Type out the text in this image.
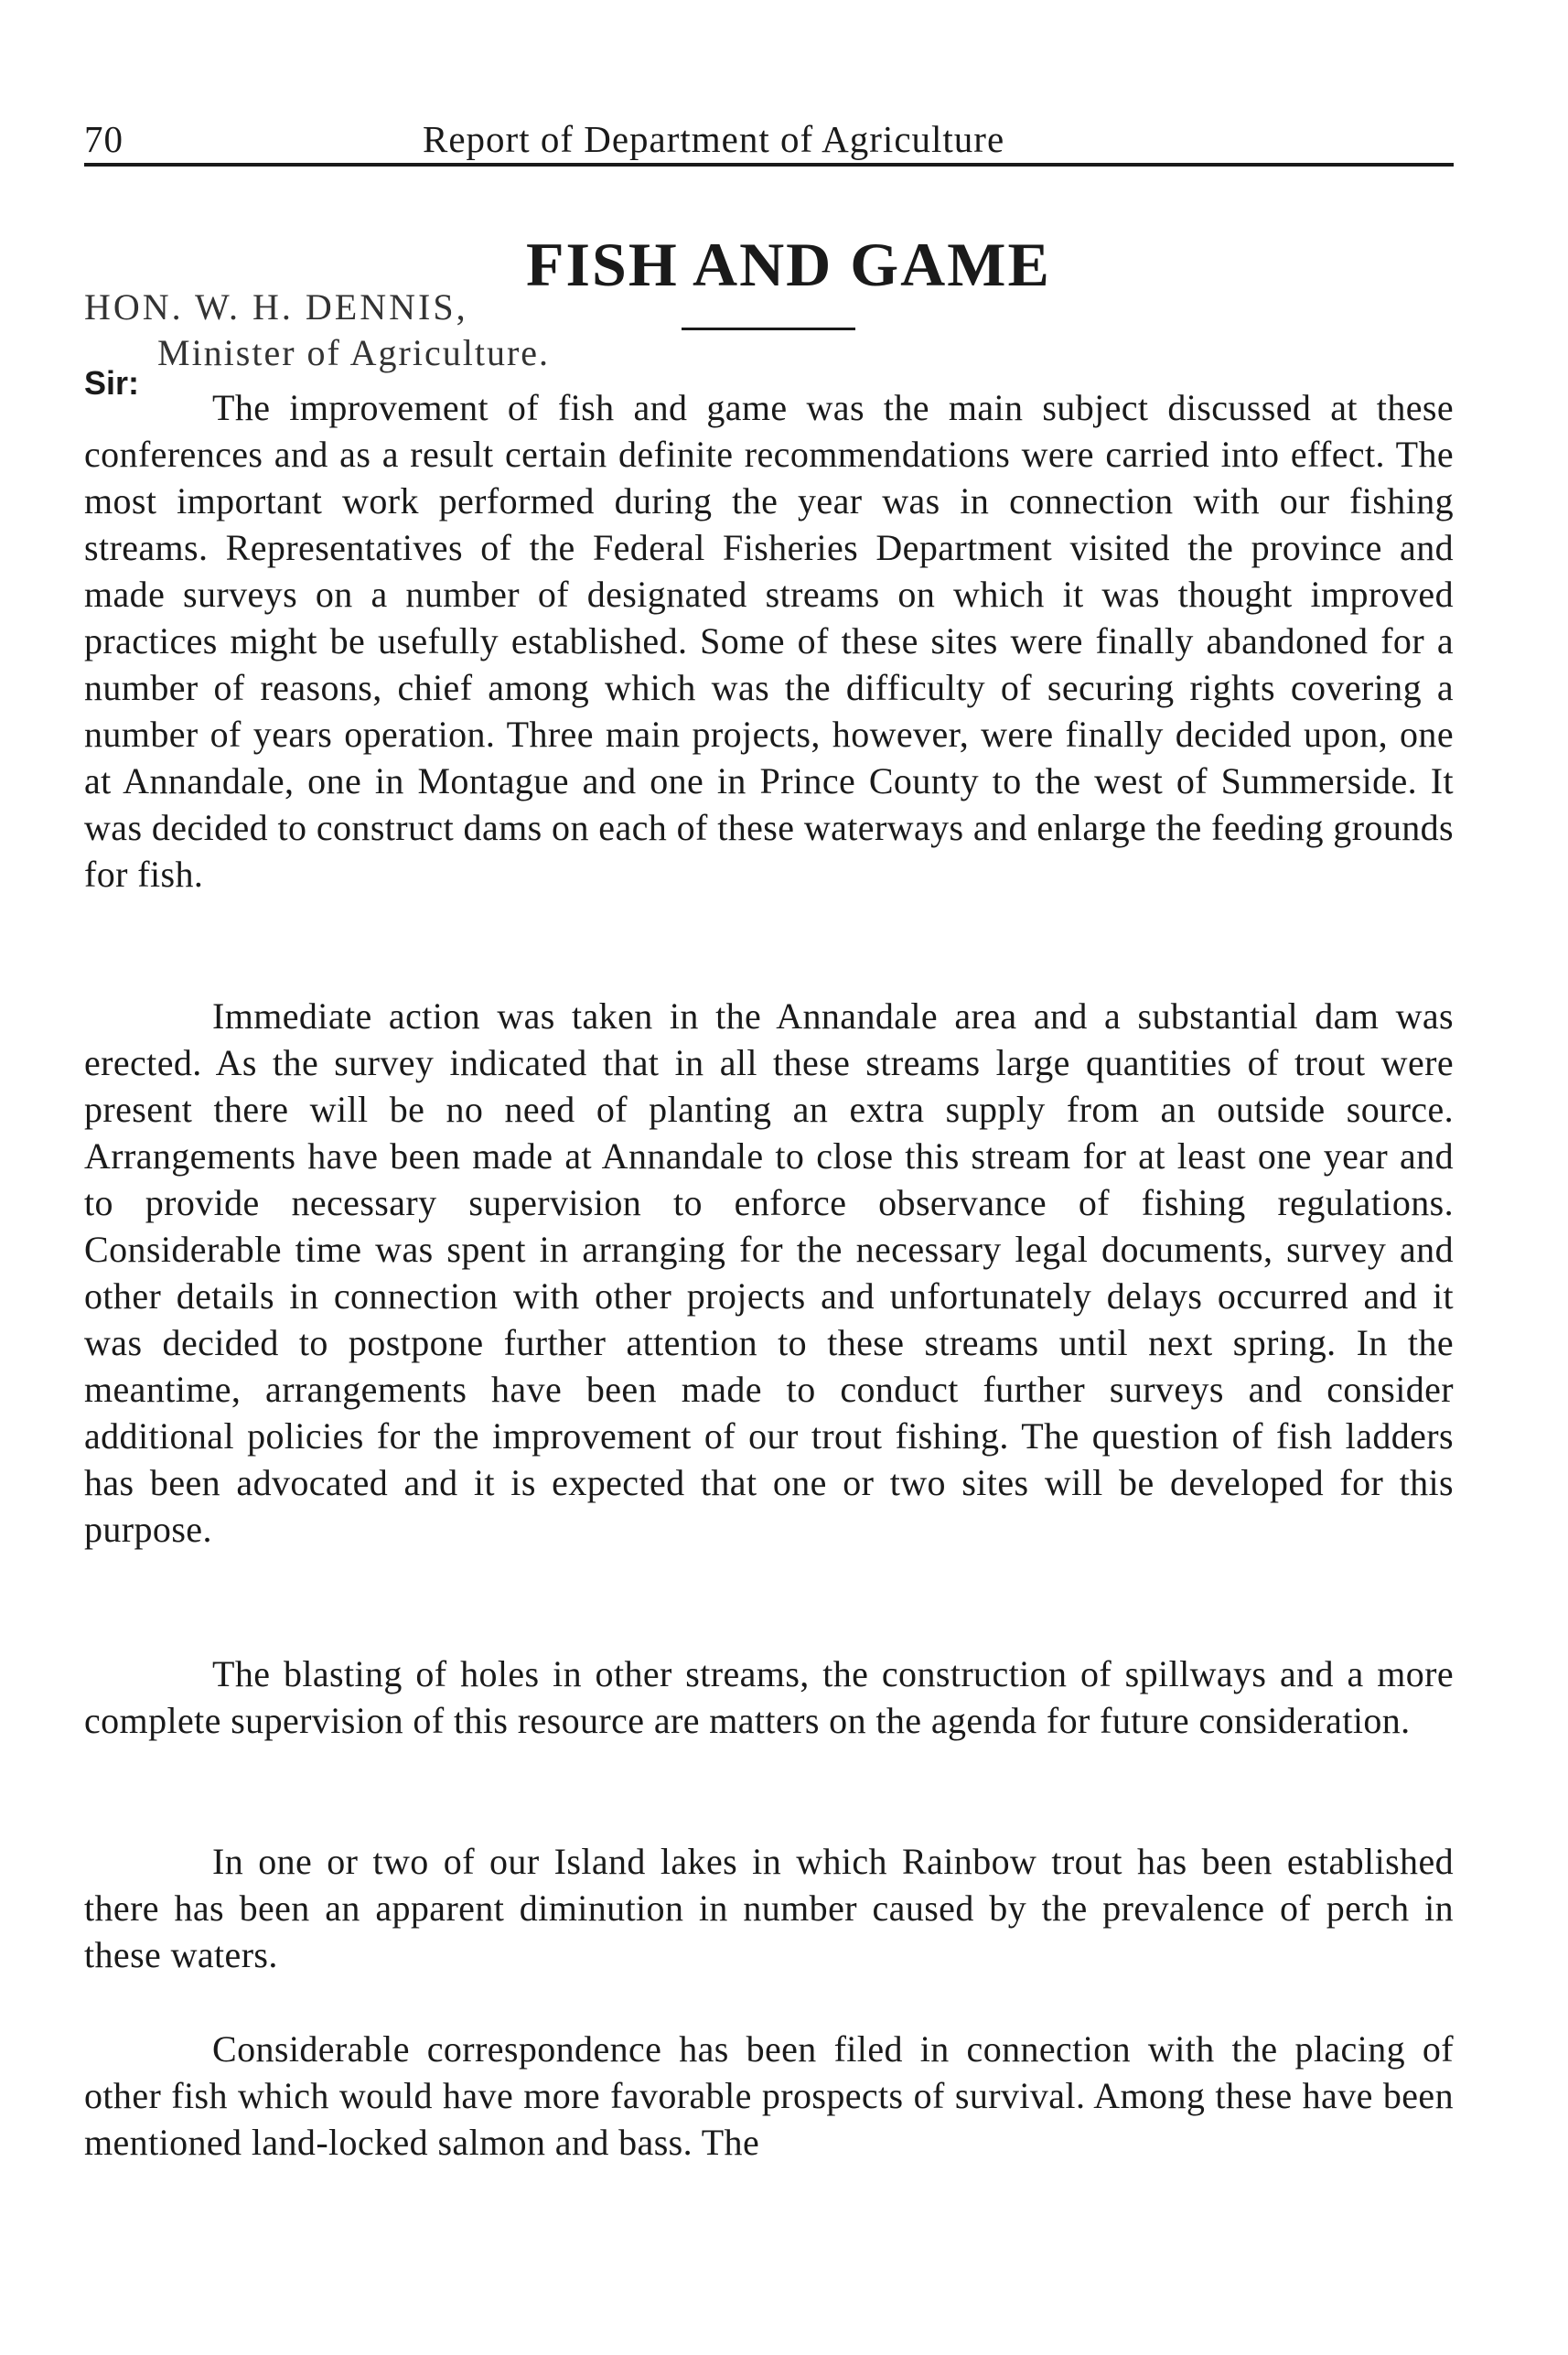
70	Report of Department of Agriculture
FISH AND GAME
HON. W. H. DENNIS,
Minister of Agriculture.
Sir:

The improvement of fish and game was the main subject discussed at these conferences and as a result certain definite recommendations were carried into effect. The most important work performed during the year was in connection with our fishing streams. Representatives of the Federal Fisheries Department visited the province and made surveys on a number of designated streams on which it was thought improved practices might be usefully established. Some of these sites were finally abandoned for a number of reasons, chief among which was the difficulty of securing rights covering a number of years operation. Three main projects, however, were finally decided upon, one at Annandale, one in Montague and one in Prince County to the west of Summerside. It was decided to construct dams on each of these waterways and enlarge the feeding grounds for fish.

Immediate action was taken in the Annandale area and a substantial dam was erected. As the survey indicated that in all these streams large quantities of trout were present there will be no need of planting an extra supply from an outside source. Arrangements have been made at Annandale to close this stream for at least one year and to provide necessary supervision to enforce observance of fishing regulations. Considerable time was spent in arranging for the necessary legal documents, survey and other details in connection with other projects and unfortunately delays occurred and it was decided to postpone further attention to these streams until next spring. In the meantime, arrangements have been made to conduct further surveys and consider additional policies for the improvement of our trout fishing. The question of fish ladders has been advocated and it is expected that one or two sites will be developed for this purpose.

The blasting of holes in other streams, the construction of spillways and a more complete supervision of this resource are matters on the agenda for future consideration.

In one or two of our Island lakes in which Rainbow trout has been established there has been an apparent diminution in number caused by the prevalence of perch in these waters.

Considerable correspondence has been filed in connection with the placing of other fish which would have more favorable prospects of survival. Among these have been mentioned land-locked salmon and bass. The
